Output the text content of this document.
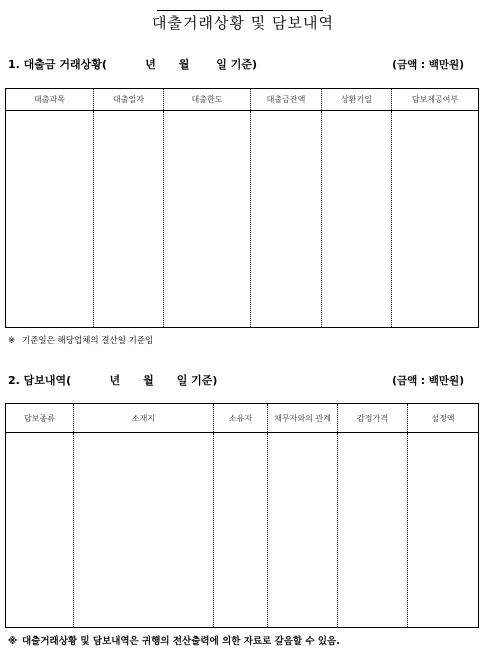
대출거래상황 및 담보내역
1. 대출금 거래상황(          년      월       일 기준)	(금액 : 백만원)
대출과목	대출일자	대출한도	대출금잔액	상환기일	담보제공여부

※ 기준일은 해당업체의 결산일 기준임
2. 담보내역(          년      월      일 기준)	(금액 : 백만원)
담보종류	소재지	소유자	채무자와의 관계	감정가격	설정액

※ 대출거래상황 및 담보내역은 귀행의 전산출력에 의한 자료로 갈음할 수 있음.
